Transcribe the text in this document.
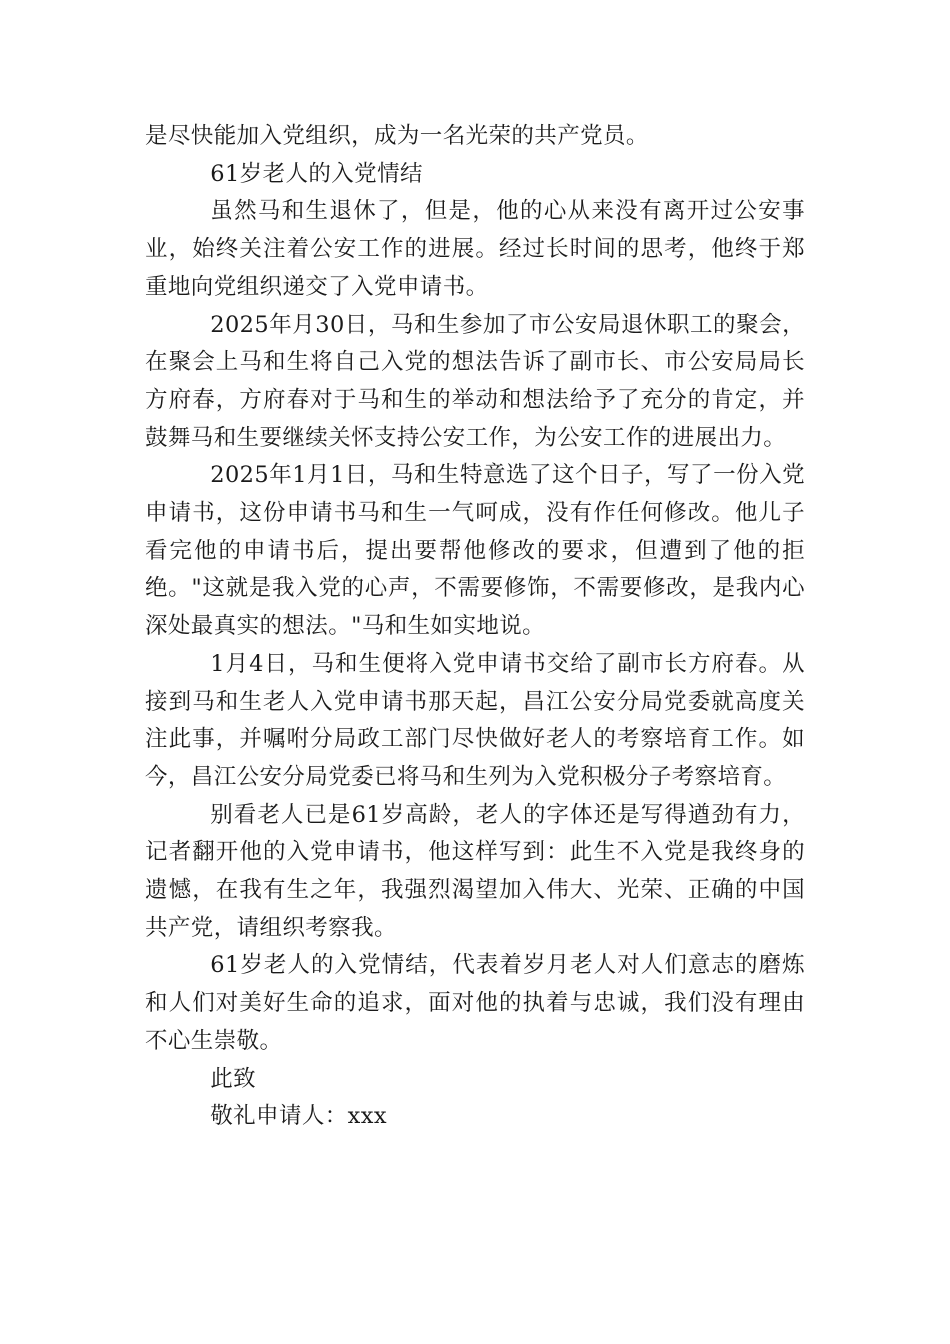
是尽快能加入党组织，成为一名光荣的共产党员。

61岁老人的入党情结

虽然马和生退休了，但是，他的心从来没有离开过公安事业，始终关注着公安工作的进展。经过长时间的思考，他终于郑重地向党组织递交了入党申请书。

2025年月30日，马和生参加了市公安局退休职工的聚会，在聚会上马和生将自己入党的想法告诉了副市长、市公安局局长方府春，方府春对于马和生的举动和想法给予了充分的肯定，并鼓舞马和生要继续关怀支持公安工作，为公安工作的进展出力。

2025年1月1日，马和生特意选了这个日子，写了一份入党申请书，这份申请书马和生一气呵成，没有作任何修改。他儿子看完他的申请书后，提出要帮他修改的要求，但遭到了他的拒绝。"这就是我入党的心声，不需要修饰，不需要修改，是我内心深处最真实的想法。"马和生如实地说。

1月4日，马和生便将入党申请书交给了副市长方府春。从接到马和生老人入党申请书那天起，昌江公安分局党委就高度关注此事，并嘱咐分局政工部门尽快做好老人的考察培育工作。如今，昌江公安分局党委已将马和生列为入党积极分子考察培育。

别看老人已是61岁高龄，老人的字体还是写得遒劲有力，记者翻开他的入党申请书，他这样写到：此生不入党是我终身的遗憾，在我有生之年，我强烈渴望加入伟大、光荣、正确的中国共产党，请组织考察我。

61岁老人的入党情结，代表着岁月老人对人们意志的磨炼和人们对美好生命的追求，面对他的执着与忠诚，我们没有理由不心生崇敬。

此致

敬礼申请人：xxx
